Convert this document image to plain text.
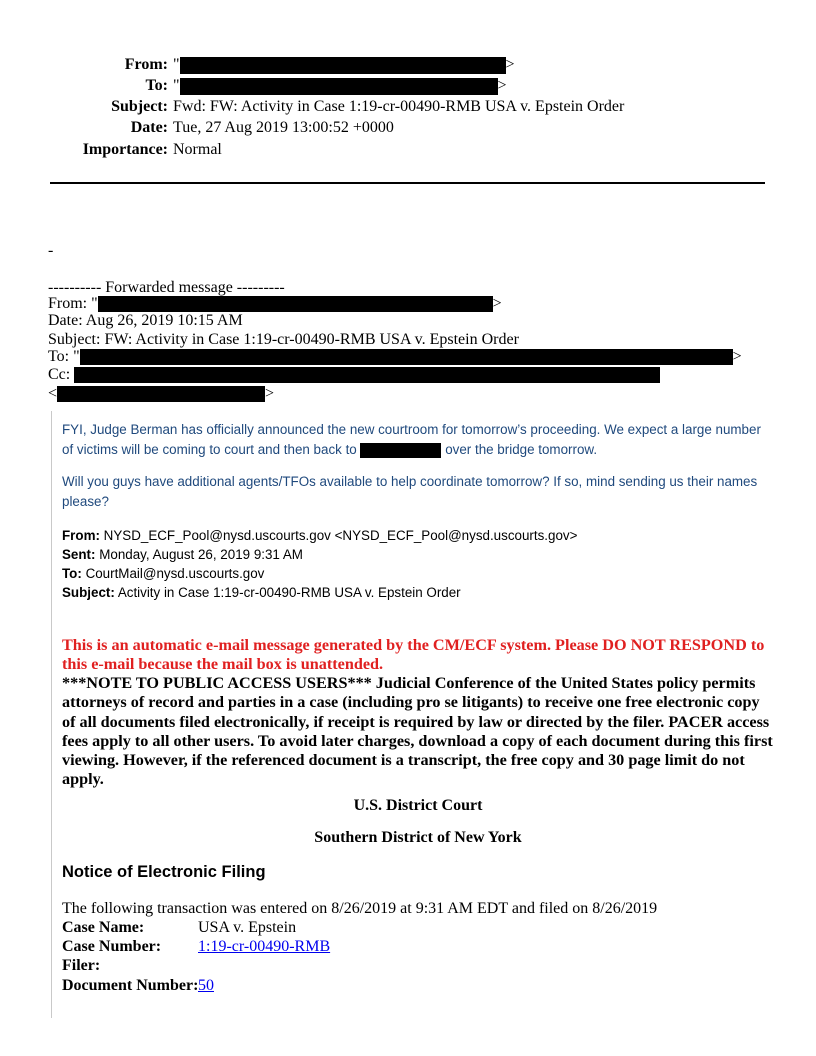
From: "	>
To: "	>
Subject: Fwd: FW: Activity in Case 1:19-cr-00490-RMB USA v. Epstein Order
Date: Tue, 27 Aug 2019 13:00:52 +0000
Importance: Normal
-
---------- Forwarded message ---------
From: "	>
Date: Aug 26, 2019 10:15 AM
Subject: FW: Activity in Case 1:19-cr-00490-RMB USA v. Epstein Order
To: "	>
Cc:
<	>
FYI, Judge Berman has officially announced the new courtroom for tomorrow’s proceeding. We expect a large number of victims will be coming to court and then back to	over the bridge tomorrow.
Will you guys have additional agents/TFOs available to help coordinate tomorrow? If so, mind sending us their names please?
From: NYSD_ECF_Pool@nysd.uscourts.gov <NYSD_ECF_Pool@nysd.uscourts.gov>
Sent: Monday, August 26, 2019 9:31 AM
To: CourtMail@nysd.uscourts.gov
Subject: Activity in Case 1:19-cr-00490-RMB USA v. Epstein Order
This is an automatic e-mail message generated by the CM/ECF system. Please DO NOT RESPOND to this e-mail because the mail box is unattended.
***NOTE TO PUBLIC ACCESS USERS*** Judicial Conference of the United States policy permits attorneys of record and parties in a case (including pro se litigants) to receive one free electronic copy of all documents filed electronically, if receipt is required by law or directed by the filer. PACER access fees apply to all other users. To avoid later charges, download a copy of each document during this first viewing. However, if the referenced document is a transcript, the free copy and 30 page limit do not apply.
U.S. District Court
Southern District of New York
Notice of Electronic Filing
The following transaction was entered on 8/26/2019 at 9:31 AM EDT and filed on 8/26/2019
Case Name:	USA v. Epstein
Case Number: 1:19-cr-00490-RMB
Filer:
Document Number:50
